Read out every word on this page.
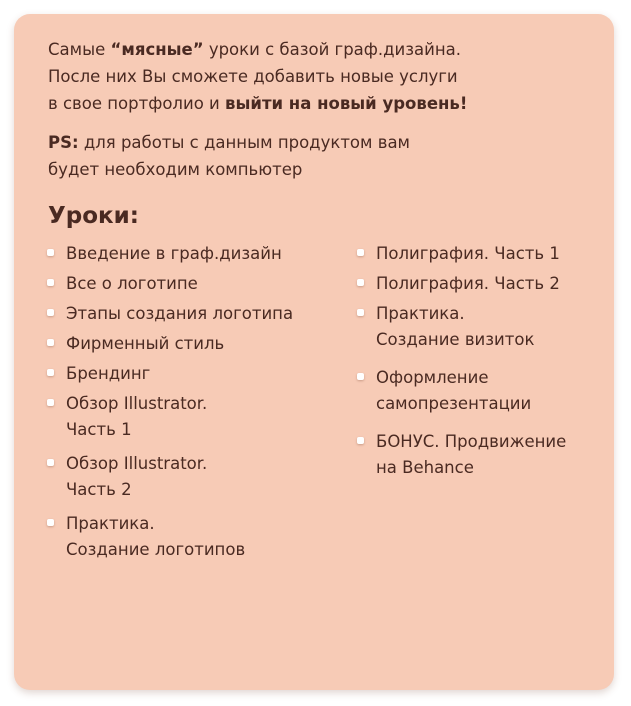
Самые “мясные” уроки с базой граф.дизайна.
После них Вы сможете добавить новые услуги
в свое портфолио и выйти на новый уровень!

PS: для работы с данным продуктом вам
будет необходим компьютер

Уроки:
Введение в граф.дизайн
Все о логотипе
Этапы создания логотипа
Фирменный стиль
Брендинг
Обзор Illustrator.
Часть 1
Обзор Illustrator.
Часть 2
Практика.
Создание логотипов
Полиграфия. Часть 1
Полиграфия. Часть 2
Практика.
Создание визиток
Оформление
самопрезентации
БОНУС. Продвижение
на Behance
